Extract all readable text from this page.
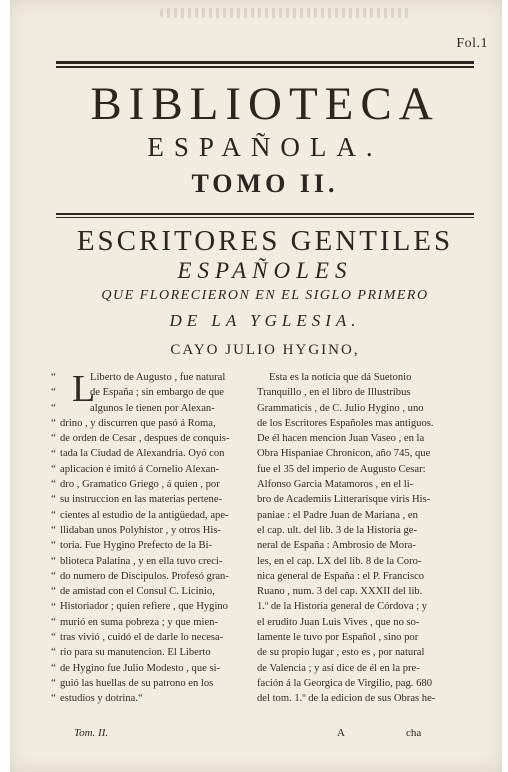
Fol.1
BIBLIOTECA
ESPAÑOLA.
TOMO II.
ESCRITORES GENTILES
ESPAÑOLES
QUE FLORECIERON EN EL SIGLO PRIMERO
DE LA YGLESIA.
CAYO JULIO HYGINO,
L
“
“
“
“
“
“
“
“
“
“
“
“
“
“
“
“
“
“
“
“
“
“
Liberto de Augusto , fue natural
de España ; sin embargo de que
algunos le tienen por Alexan-
drino , y discurren que pasó á Roma,
de orden de Cesar , despues de conquis-
tada la Ciudad de Alexandria. Oyó con
aplicacion é imitó á Cornelio Alexan-
dro , Gramatico Griego , á quien , por
su instruccion en las materias pertene-
cientes al estudio de la antigüedad, ape-
llidaban unos Polyhistor , y otros His-
toria. Fue Hygino Prefecto de la Bi-
blioteca Palatina , y en ella tuvo creci-
do numero de Discipulos. Profesó gran-
de amistad con el Consul C. Licinio,
Historiador ; quien refiere , que Hygino
murió en suma pobreza ; y que mien-
tras vivió , cuidó el de darle lo necesa-
rio para su manutencion. El Liberto
de Hygino fue Julio Modesto , que si-
guió las huellas de su patrono en los
estudios y dotrina.“
Esta es la noticia que dá Suetonio
Tranquillo , en el libro de Illustribus
Grammaticis , de C. Julio Hygino , uno
de los Escritores Españoles mas antiguos.
De él hacen mencion Juan Vaseo , en la
Obra Hispaniae Chronicon, año 745, que
fue el 35 del imperio de Augusto Cesar:
Alfonso Garcia Matamoros , en el li-
bro de Academiis Litterarisque viris His-
paniae : el Padre Juan de Mariana , en
el cap. ult. del lib. 3 de la Historia ge-
neral de España : Ambrosio de Mora-
les, en el cap. LX del lib. 8 de la Coro-
nica general de España : el P. Francisco
Ruano , num. 3 del cap. XXXII del lib.
1.º de la Historia general de Córdova ; y
el erudito Juan Luis Vives , que no so-
lamente le tuvo por Español , sino por
de su propio lugar , esto es , por natural
de Valencia ; y así dice de él en la pre-
fación á la Georgica de Virgilio, pag. 680
del tom. 1.º de la edicion de sus Obras he-
Tom. II.	A	cha
